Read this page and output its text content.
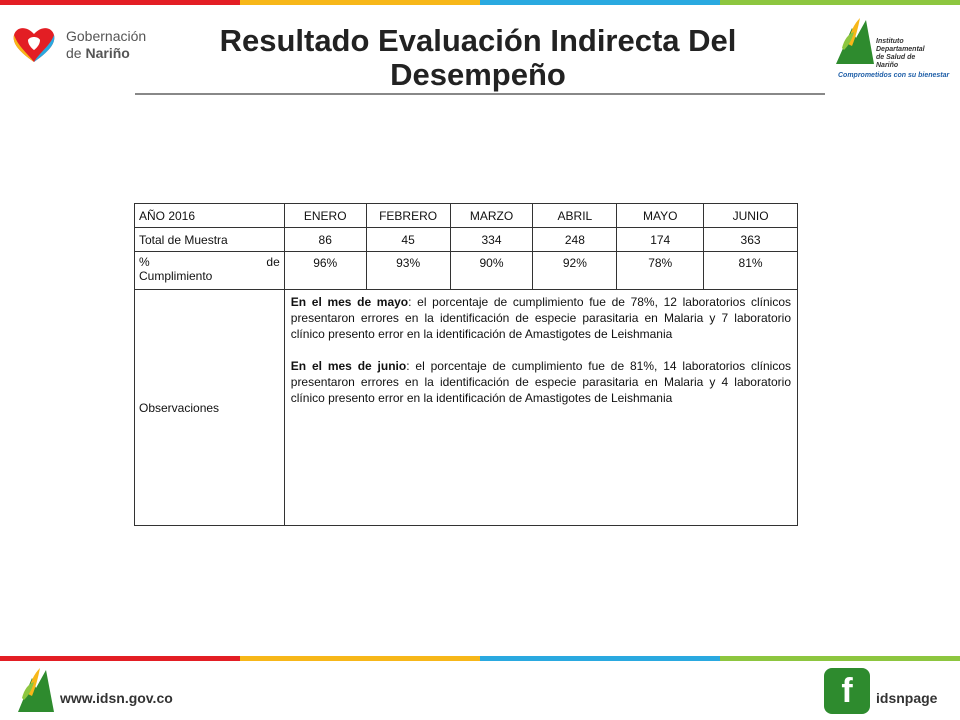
Gobernación
de Nariño	Resultado Evaluación Indirecta Del
Desempeño
Instituto
Departamental
de Salud de
Nariño
Comprometidos con su bienestar
AÑO 2016	ENERO	FEBRERO	MARZO	ABRIL	MAYO	JUNIO
Total de Muestra	86	45	334	248	174	363

% de
Cumplimiento	96%	93%	90%	92%	78%	81%
Observaciones	En el mes de mayo: el porcentaje de cumplimiento fue de 78%, 12 laboratorios clínicos presentaron errores en la identificación de especie parasitaria en Malaria y 7 laboratorio clínico presento error en la identificación de Amastigotes de Leishmania

En el mes de junio: el porcentaje de cumplimiento fue de 81%, 14 laboratorios clínicos presentaron errores en la identificación de especie parasitaria en Malaria y 4 laboratorio clínico presento error en la identificación de Amastigotes de Leishmania					

www.idsn.gov.co	f	idsnpage
